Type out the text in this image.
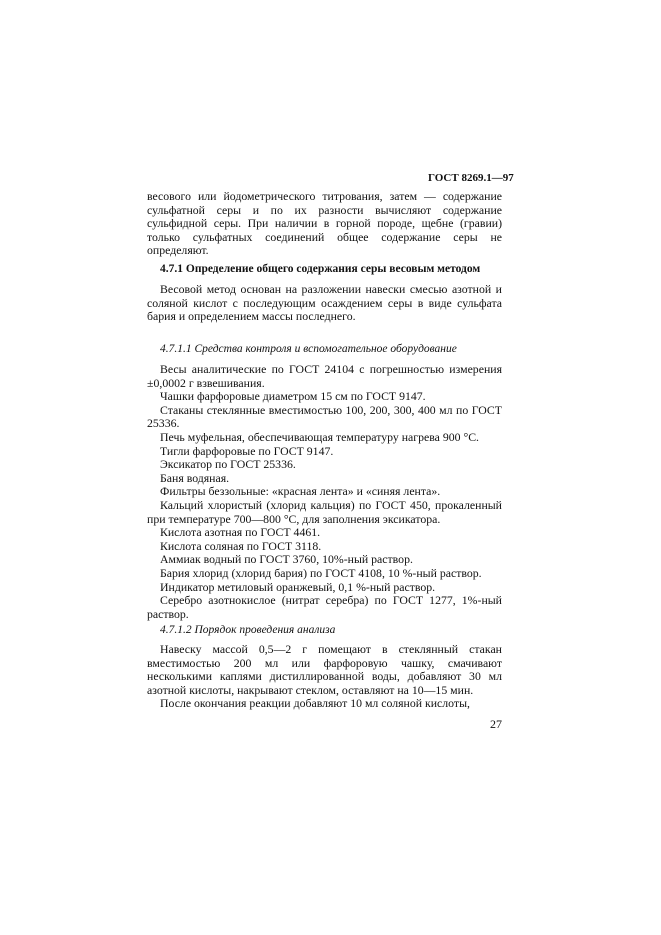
ГОСТ 8269.1—97

весового или йодометрического титрования, затем — содержание сульфатной серы и по их разности вычисляют содержание сульфидной серы. При наличии в горной породе, щебне (гравии) только сульфатных соединений общее содержание серы не определяют.

4.7.1 Определение общего содержания серы весовым методом

Весовой метод основан на разложении навески смесью азотной и соляной кислот с последующим осаждением серы в виде сульфата бария и определением массы последнего.

4.7.1.1 Средства контроля и вспомогательное оборудование

Весы аналитические по ГОСТ 24104 с погрешностью измерения ±0,0002 г взвешивания.

Чашки фарфоровые диаметром 15 см по ГОСТ 9147.

Стаканы стеклянные вместимостью 100, 200, 300, 400 мл по ГОСТ 25336.

Печь муфельная, обеспечивающая температуру нагрева 900 °С.

Тигли фарфоровые по ГОСТ 9147.

Эксикатор по ГОСТ 25336.

Баня водяная.

Фильтры беззольные: «красная лента» и «синяя лента».

Кальций хлористый (хлорид кальция) по ГОСТ 450, прокаленный при температуре 700—800 °С, для заполнения эксикатора.

Кислота азотная по ГОСТ 4461.

Кислота соляная по ГОСТ 3118.

Аммиак водный по ГОСТ 3760, 10%-ный раствор.

Бария хлорид (хлорид бария) по ГОСТ 4108, 10 %-ный раствор.

Индикатор метиловый оранжевый, 0,1 %-ный раствор.

Серебро азотнокислое (нитрат серебра) по ГОСТ 1277, 1%-ный раствор.

4.7.1.2 Порядок проведения анализа

Навеску массой 0,5—2 г помещают в стеклянный стакан вместимостью 200 мл или фарфоровую чашку, смачивают несколькими каплями дистиллированной воды, добавляют 30 мл азотной кислоты, накрывают стеклом, оставляют на 10—15 мин.

После окончания реакции добавляют 10 мл соляной кислоты,

27
